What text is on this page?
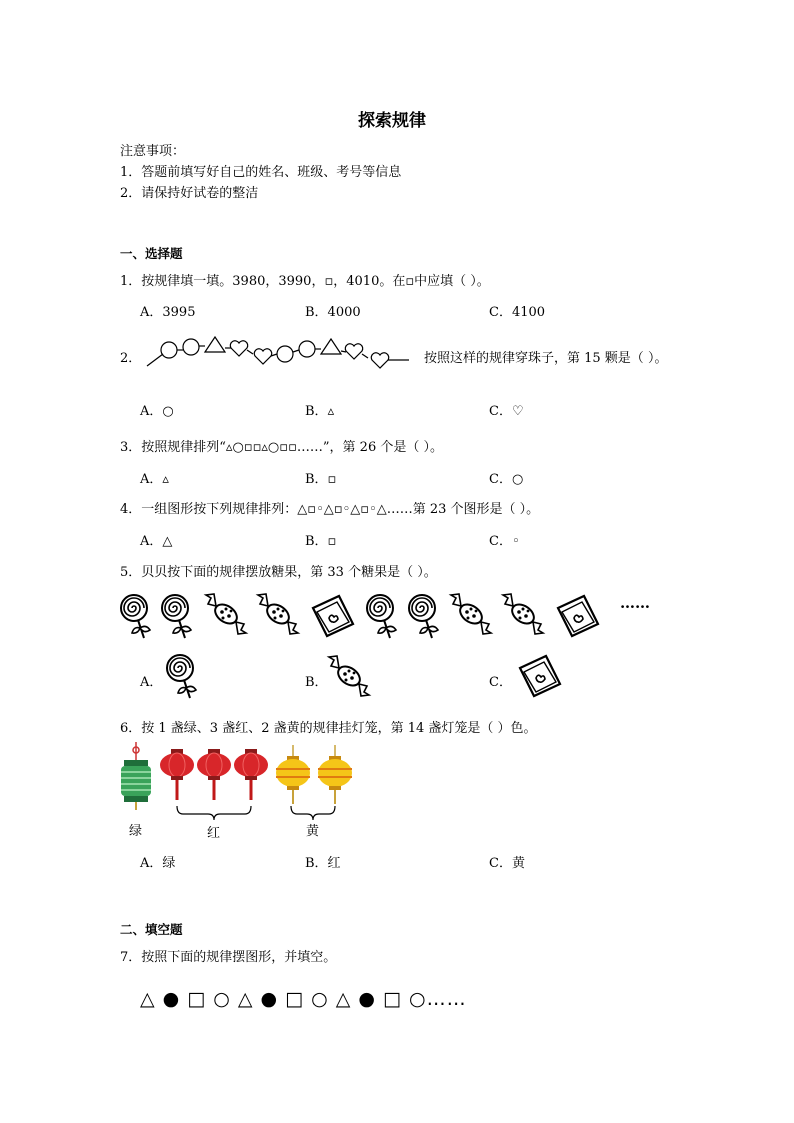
探索规律
注意事项：
1．答题前填写好自己的姓名、班级、考号等信息
2．请保持好试卷的整洁
一、选择题
1．按规律填一填。3980，3990，▫，4010。在▫中应填（ ）。
A．3995	B．4000	C．4100
2．	按照这样的规律穿珠子，第 15 颗是（ ）。
A．○	B．▵	C．♡
3．按照规律排列“▵○▫▫▵○▫▫……”，第 26 个是（ ）。
A．▵	B．▫	C．○
4．一组图形按下列规律排列：△▫◦△▫◦△▫◦△……第 23 个图形是（ ）。
A．△	B．▫	C．◦
5．贝贝按下面的规律摆放糖果，第 33 个糖果是（ ）。
……
A．	B．	C．
6．按 1 盏绿、3 盏红、2 盏黄的规律挂灯笼，第 14 盏灯笼是（ ）色。
绿	红	黄
A．绿	B．红	C．黄
二、填空题
7．按照下面的规律摆图形，并填空。
△ ● □ ○ △ ● □ ○ △ ● □ ○……
